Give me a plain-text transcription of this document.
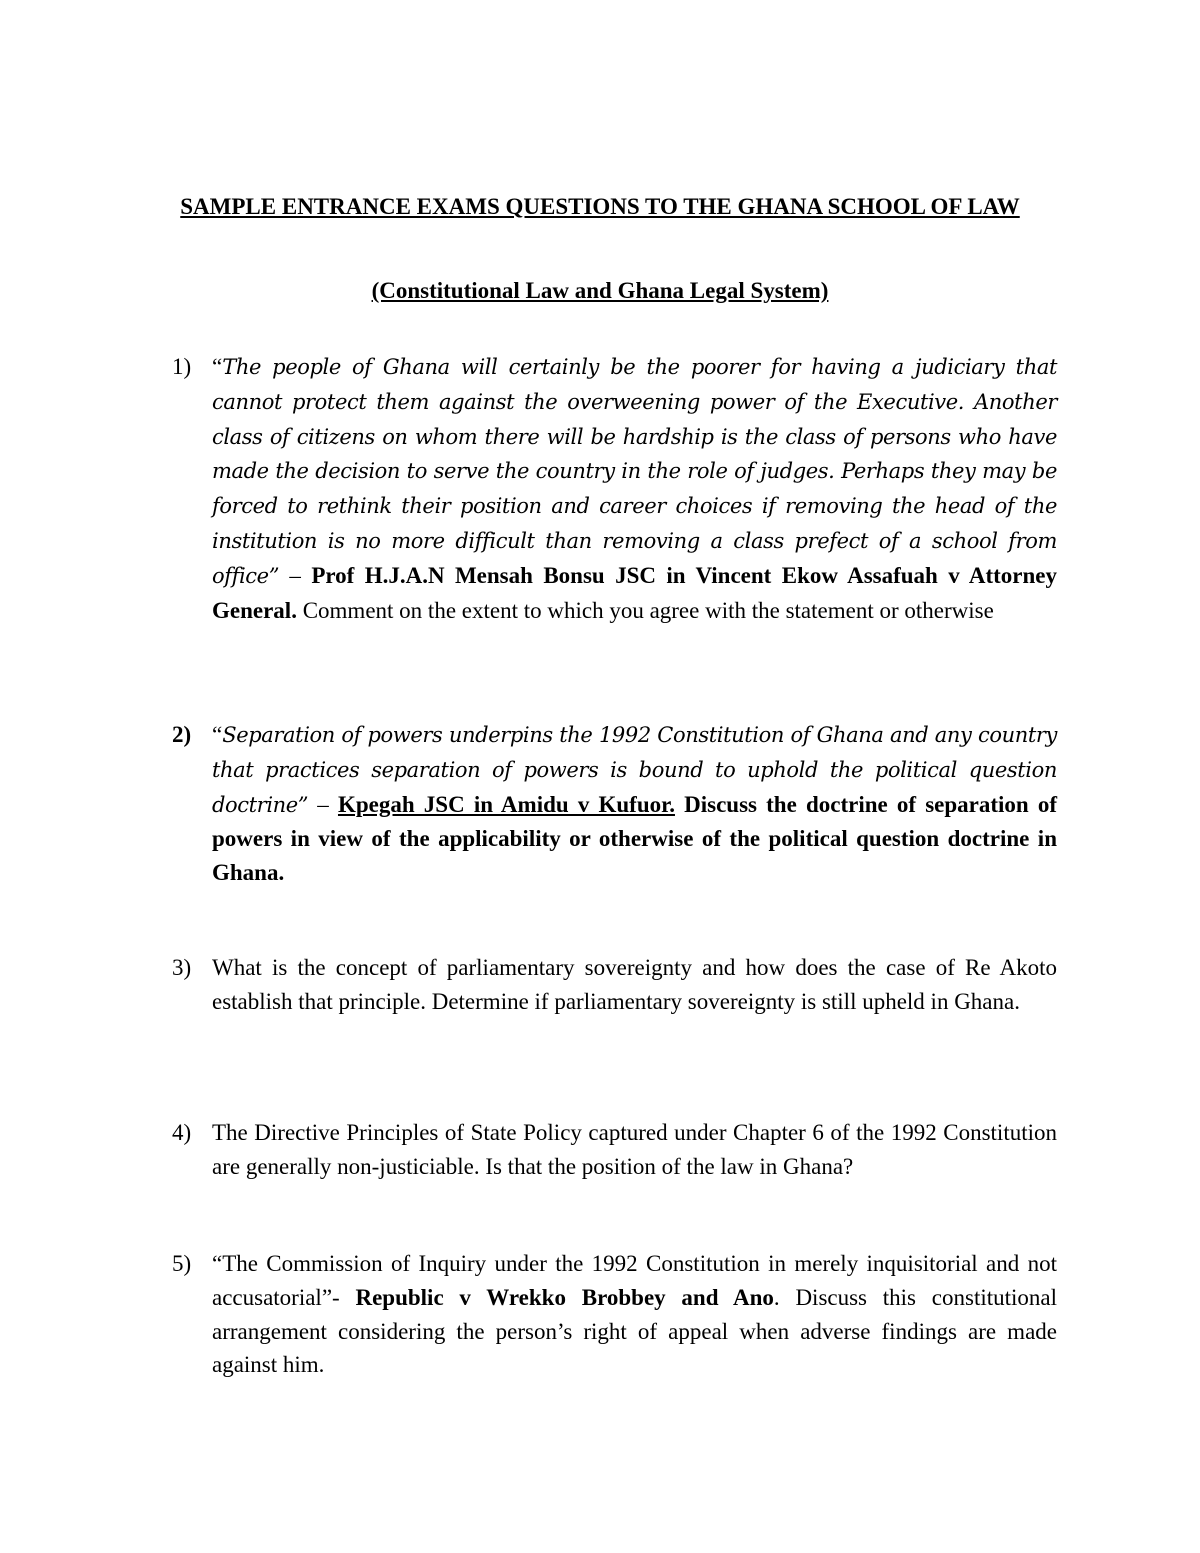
SAMPLE ENTRANCE EXAMS QUESTIONS TO THE GHANA SCHOOL OF LAW
(Constitutional Law and Ghana Legal System)
1) “The people of Ghana will certainly be the poorer for having a judiciary that cannot protect them against the overweening power of the Executive. Another class of citizens on whom there will be hardship is the class of persons who have made the decision to serve the country in the role of judges. Perhaps they may be forced to rethink their position and career choices if removing the head of the institution is no more difficult than removing a class prefect of a school from office” – Prof H.J.A.N Mensah Bonsu JSC in Vincent Ekow Assafuah v Attorney General. Comment on the extent to which you agree with the statement or otherwise
2) “Separation of powers underpins the 1992 Constitution of Ghana and any country that practices separation of powers is bound to uphold the political question doctrine” – Kpegah JSC in Amidu v Kufuor. Discuss the doctrine of separation of powers in view of the applicability or otherwise of the political question doctrine in Ghana.
3) What is the concept of parliamentary sovereignty and how does the case of Re Akoto establish that principle. Determine if parliamentary sovereignty is still upheld in Ghana.
4) The Directive Principles of State Policy captured under Chapter 6 of the 1992 Constitution are generally non-justiciable. Is that the position of the law in Ghana?
5) “The Commission of Inquiry under the 1992 Constitution in merely inquisitorial and not accusatorial”- Republic v Wrekko Brobbey and Ano. Discuss this constitutional arrangement considering the person’s right of appeal when adverse findings are made against him.
